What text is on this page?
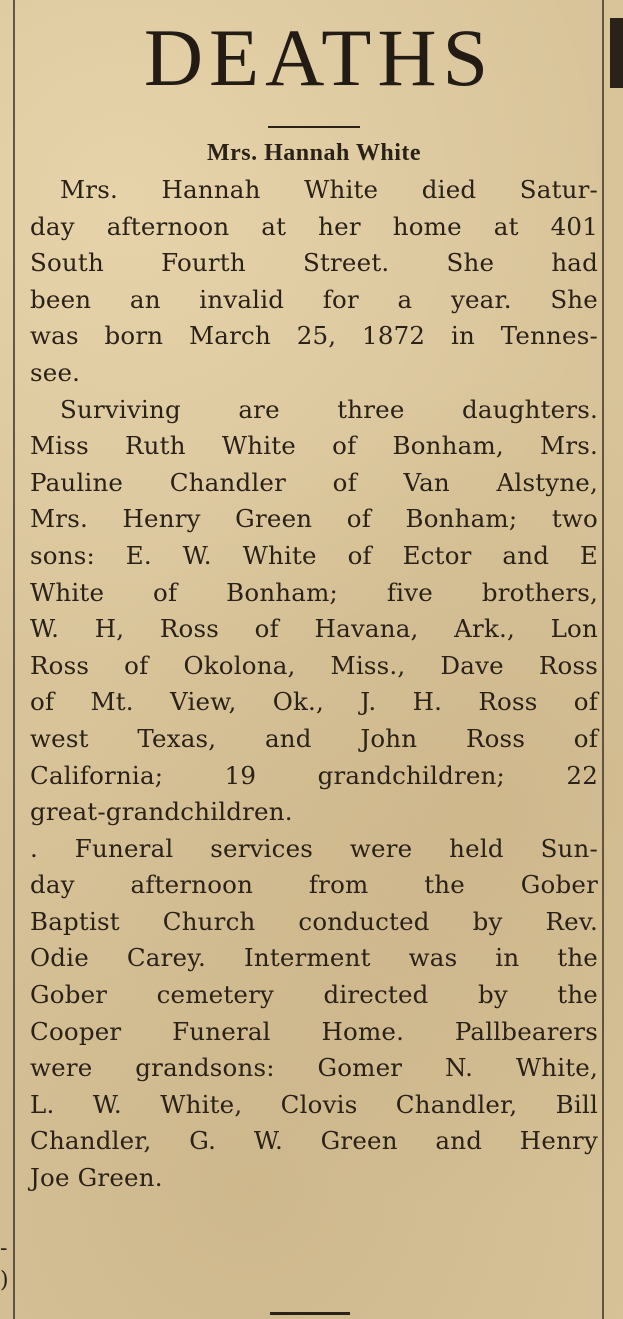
-
)
DEATHS
Mrs. Hannah White
Mrs. Hannah White died Satur-
day afternoon at her home at 401
South Fourth Street. She had
been an invalid for a year. She
was born March 25, 1872 in Tennes-
see.
Surviving are three daughters.
Miss Ruth White of Bonham, Mrs.
Pauline Chandler of Van Alstyne,
Mrs. Henry Green of Bonham; two
sons: E. W. White of Ector and E
White of Bonham; five brothers,
W. H, Ross of Havana, Ark., Lon
Ross of Okolona, Miss., Dave Ross
of Mt. View, Ok., J. H. Ross of
west Texas, and John Ross of
California; 19 grandchildren; 22
great-grandchildren.
. Funeral services were held Sun-
day afternoon from the Gober
Baptist Church conducted by Rev.
Odie Carey. Interment was in the
Gober cemetery directed by the
Cooper Funeral Home. Pallbearers
were grandsons: Gomer N. White,
L. W. White, Clovis Chandler, Bill
Chandler, G. W. Green and Henry
Joe Green.
